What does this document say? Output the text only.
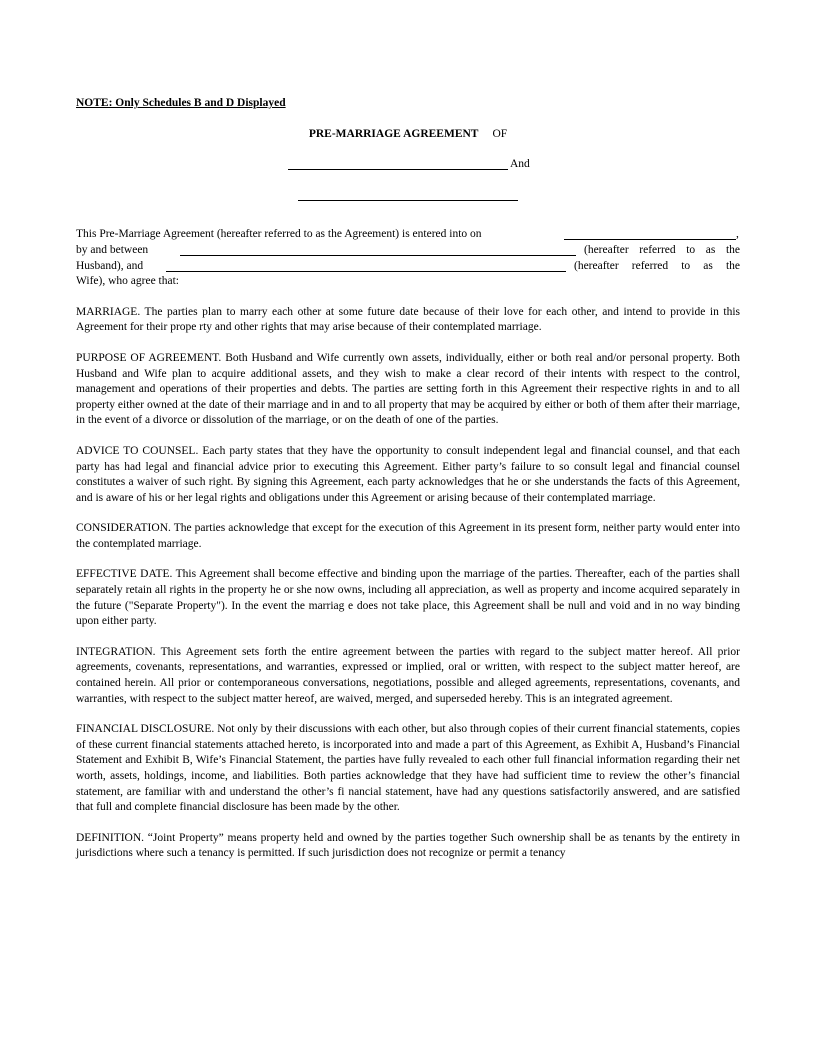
NOTE: Only Schedules B and D Displayed
PRE-MARRIAGE AGREEMENT OF
And
This Pre-Marriage Agreement (hereafter referred to as the Agreement) is entered into on	,
by and between	(hereafter referred to as the
Husband), and	(hereafter referred to as the
Wife), who agree that:

MARRIAGE. The parties plan to marry each other at some future date because of their love for each other, and intend to provide in this Agreement for their prope rty and other rights that may arise because of their contemplated marriage.

PURPOSE OF AGREEMENT. Both Husband and Wife currently own assets, individually, either or both real and/or personal property. Both Husband and Wife plan to acquire additional assets, and they wish to make a clear record of their intents with respect to the control, management and operations of their properties and debts. The parties are setting forth in this Agreement their respective rights in and to all property either owned at the date of their marriage and in and to all property that may be acquired by either or both of them after their marriage, in the event of a divorce or dissolution of the marriage, or on the death of one of the parties.

ADVICE TO COUNSEL. Each party states that they have the opportunity to consult independent legal and financial counsel, and that each party has had legal and financial advice prior to executing this Agreement. Either party’s failure to so consult legal and financial counsel constitutes a waiver of such right. By signing this Agreement, each party acknowledges that he or she understands the facts of this Agreement, and is aware of his or her legal rights and obligations under this Agreement or arising because of their contemplated marriage.

CONSIDERATION. The parties acknowledge that except for the execution of this Agreement in its present form, neither party would enter into the contemplated marriage.

EFFECTIVE DATE. This Agreement shall become effective and binding upon the marriage of the parties. Thereafter, each of the parties shall separately retain all rights in the property he or she now owns, including all appreciation, as well as property and income acquired separately in the future ("Separate Property"). In the event the marriag e does not take place, this Agreement shall be null and void and in no way binding upon either party.

INTEGRATION. This Agreement sets forth the entire agreement between the parties with regard to the subject matter hereof. All prior agreements, covenants, representations, and warranties, expressed or implied, oral or written, with respect to the subject matter hereof, are contained herein. All prior or contemporaneous conversations, negotiations, possible and alleged agreements, representations, covenants, and warranties, with respect to the subject matter hereof, are waived, merged, and superseded hereby. This is an integrated agreement.

FINANCIAL DISCLOSURE. Not only by their discussions with each other, but also through copies of their current financial statements, copies of these current financial statements attached hereto, is incorporated into and made a part of this Agreement, as Exhibit A, Husband’s Financial Statement and Exhibit B, Wife’s Financial Statement, the parties have fully revealed to each other full financial information regarding their net worth, assets, holdings, income, and liabilities. Both parties acknowledge that they have had sufficient time to review the other’s financial statement, are familiar with and understand the other’s fi nancial statement, have had any questions satisfactorily answered, and are satisfied that full and complete financial disclosure has been made by the other.

DEFINITION. “Joint Property” means property held and owned by the parties together Such ownership shall be as tenants by the entirety in jurisdictions where such a tenancy is permitted. If such jurisdiction does not recognize or permit a tenancy
